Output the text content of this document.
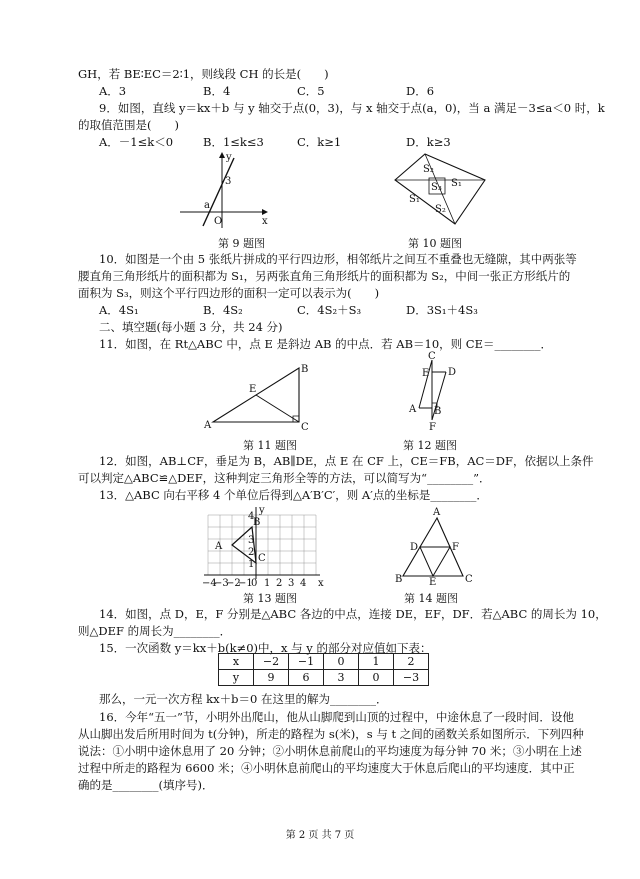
GH，若 BE∶EC＝2∶1，则线段 CH 的长是(　　)
A．3	B．4	C．5	D．6
9．如图，直线 y＝kx＋b 与 y 轴交于点(0，3)，与 x 轴交于点(a，0)，当 a 满足－3≤a＜0 时，k
的取值范围是(　　)
A．－1≤k＜0	B．1≤k≤3	C．k≥1	D．k≥3
y
x
3
a
O
第 9 题图
S₂
S₁
S₃
S₁
S₂
第 10 题图
10．如图是一个由 5 张纸片拼成的平行四边形，相邻纸片之间互不重叠也无缝隙，其中两张等
腰直角三角形纸片的面积都为 S₁，另两张直角三角形纸片的面积都为 S₂，中间一张正方形纸片的
面积为 S₃，则这个平行四边形的面积一定可以表示为(　　)
A．4S₁	B．4S₂	C．4S₂＋S₃	D．3S₁＋4S₃
二、填空题(每小题 3 分，共 24 分)
11．如图，在 Rt△ABC 中，点 E 是斜边 AB 的中点．若 AB＝10，则 CE＝________．
A
B
C
E
第 11 题图
C
D
E
A B
F
第 12 题图
12．如图，AB⊥CF，垂足为 B，AB∥DE，点 E 在 CF 上，CE＝FB，AC＝DF，依据以上条件
可以判定△ABC≌△DEF，这种判定三角形全等的方法，可以简写为“________”．
13．△ABC 向右平移 4 个单位后得到△A′B′C′，则 A′点的坐标是________．
A
B
C
y
x
4
3
2
1
−4
−3
−2
−1
0 1 2 3 4
第 13 题图
A
B	C
D
E
F
第 14 题图
14．如图，点 D，E，F 分别是△ABC 各边的中点，连接 DE，EF，DF．若△ABC 的周长为 10，
则△DEF 的周长为________．
15．一次函数 y＝kx＋b(k≠0)中，x 与 y 的部分对应值如下表：
x	−2	−1	0	1	2
y	9	6	3	0	−3
那么，一元一次方程 kx＋b＝0 在这里的解为________．
16．今年“五一”节，小明外出爬山，他从山脚爬到山顶的过程中，中途休息了一段时间．设他
从山脚出发后所用时间为 t(分钟)，所走的路程为 s(米)，s 与 t 之间的函数关系如图所示．下列四种
说法：①小明中途休息用了 20 分钟；②小明休息前爬山的平均速度为每分钟 70 米；③小明在上述
过程中所走的路程为 6600 米；④小明休息前爬山的平均速度大于休息后爬山的平均速度．其中正
确的是________(填序号)．
第 2 页 共 7 页
